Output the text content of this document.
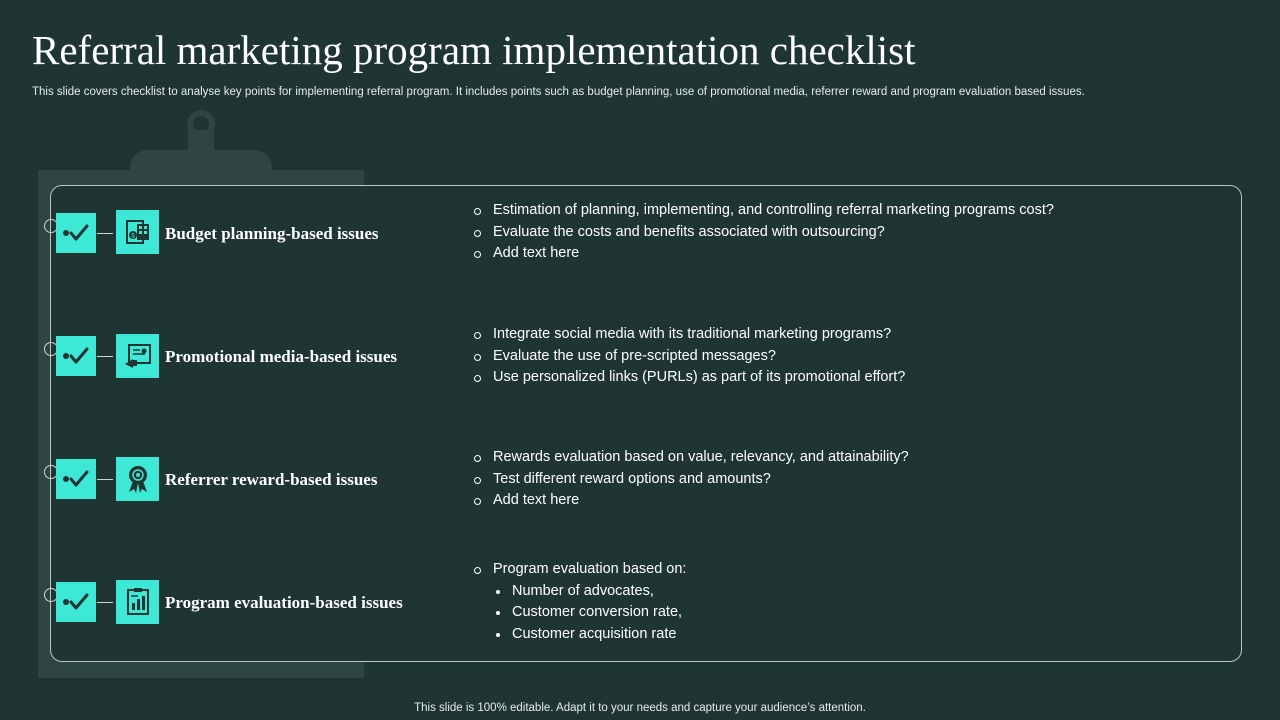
Referral marketing program implementation checklist
This slide covers checklist to analyse key points for implementing referral program. It includes points such as budget planning, use of promotional media, referrer reward and program evaluation based issues.
$ Budget planning-based issues
Estimation of planning, implementing, and controlling referral marketing programs cost?
Evaluate the costs and benefits associated with outsourcing?
Add text here
Promotional media-based issues
Integrate social media with its traditional marketing programs?
Evaluate the use of pre-scripted messages?
Use personalized links (PURLs) as part of its promotional effort?
Referrer reward-based issues
Rewards evaluation based on value, relevancy, and attainability?
Test different reward options and amounts?
Add text here
Program evaluation-based issues
Program evaluation based on:
Number of advocates,
Customer conversion rate,
Customer acquisition rate
This slide is 100% editable. Adapt it to your needs and capture your audience’s attention.
